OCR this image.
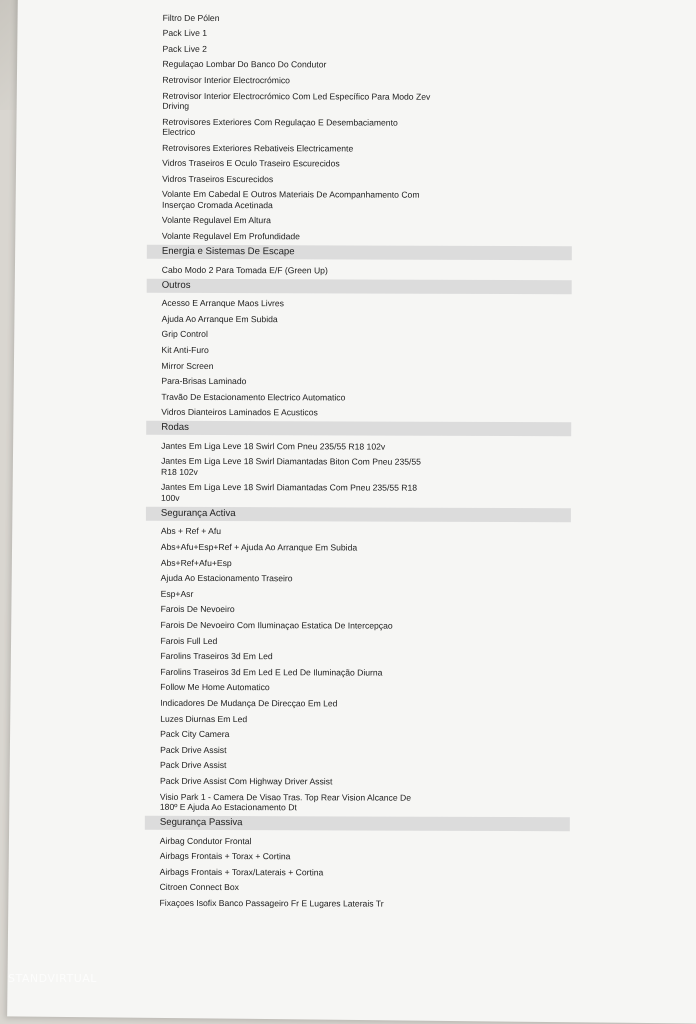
Filtro De Pólen
Pack Live 1
Pack Live 2
Regulaçao Lombar Do Banco Do Condutor
Retrovisor Interior Electrocrómico
Retrovisor Interior Electrocrómico Com Led Específico Para Modo Zev Driving
Retrovisores Exteriores Com Regulaçao E Desembaciamento Electrico
Retrovisores Exteriores Rebativeis Electricamente
Vidros Traseiros E Oculo Traseiro Escurecidos
Vidros Traseiros Escurecidos
Volante Em Cabedal E Outros Materiais De Acompanhamento Com Inserçao Cromada Acetinada
Volante Regulavel Em Altura
Volante Regulavel Em Profundidade
Energia e Sistemas De Escape
Cabo Modo 2 Para Tomada E/F (Green Up)
Outros
Acesso E Arranque Maos Livres
Ajuda Ao Arranque Em Subida
Grip Control
Kit Anti-Furo
Mirror Screen
Para-Brisas Laminado
Travão De Estacionamento Electrico Automatico
Vidros Dianteiros Laminados E Acusticos
Rodas
Jantes Em Liga Leve 18 Swirl Com Pneu 235/55 R18 102v
Jantes Em Liga Leve 18 Swirl Diamantadas Biton Com Pneu 235/55 R18 102v
Jantes Em Liga Leve 18 Swirl Diamantadas Com Pneu 235/55 R18 100v
Segurança Activa
Abs + Ref + Afu
Abs+Afu+Esp+Ref + Ajuda Ao Arranque Em Subida
Abs+Ref+Afu+Esp
Ajuda Ao Estacionamento Traseiro
Esp+Asr
Farois De Nevoeiro
Farois De Nevoeiro Com Iluminaçao Estatica De Intercepçao
Farois Full Led
Farolins Traseiros 3d Em Led
Farolins Traseiros 3d Em Led E Led De Iluminação Diurna
Follow Me Home Automatico
Indicadores De Mudança De Direcçao Em Led
Luzes Diurnas Em Led
Pack City Camera
Pack Drive Assist
Pack Drive Assist
Pack Drive Assist Com Highway Driver Assist
Visio Park 1 - Camera De Visao Tras. Top Rear Vision Alcance De 180º E Ajuda Ao Estacionamento Dt
Segurança Passiva
Airbag Condutor Frontal
Airbags Frontais + Torax + Cortina
Airbags Frontais + Torax/Laterais + Cortina
Citroen Connect Box
Fixaçoes Isofix Banco Passageiro Fr E Lugares Laterais Tr
STANDVIRTUAL
